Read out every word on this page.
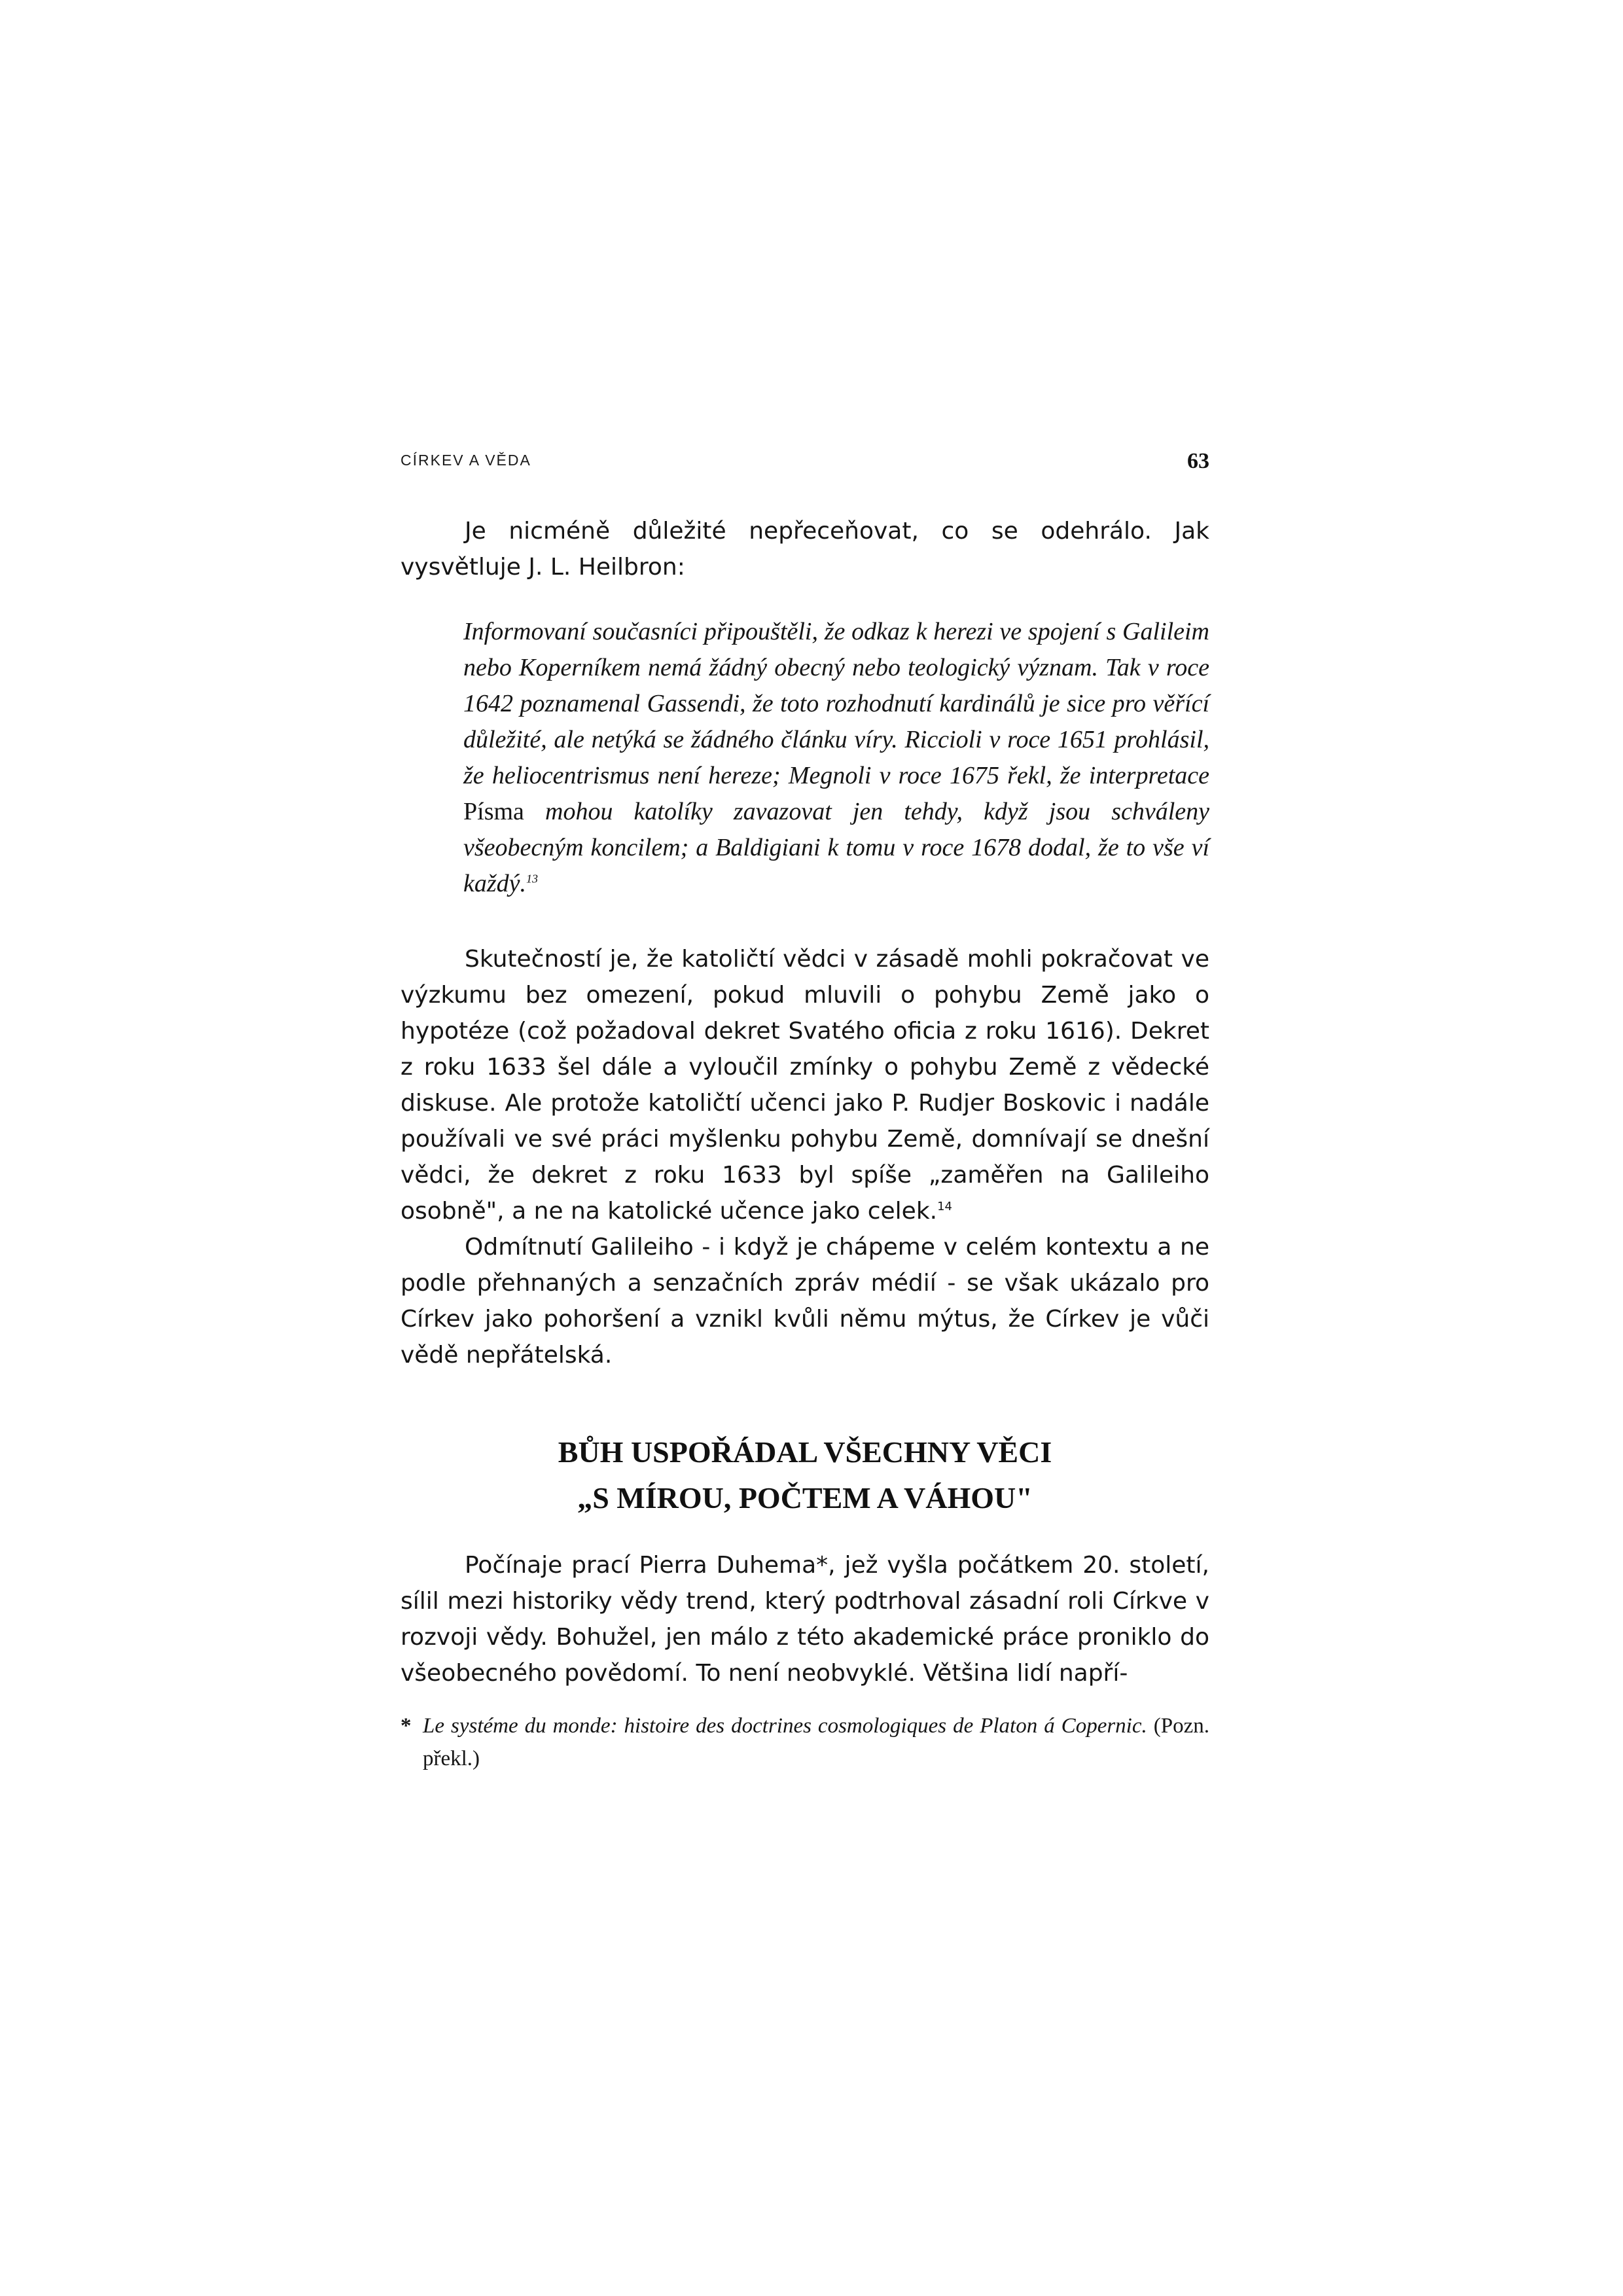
CÍRKEV A VĚDA	63

Je nicméně důležité nepřeceňovat, co se odehrálo. Jak vysvětluje J. L. Heilbron:

Informovaní současníci připouštěli, že odkaz k herezi ve spojení s Galileim nebo Koperníkem nemá žádný obecný nebo teologický význam. Tak v roce 1642 poznamenal Gassendi, že toto rozhodnutí kardinálů je sice pro věřící důležité, ale netýká se žádného článku víry. Riccioli v roce 1651 prohlásil, že heliocentrismus není hereze; Megnoli v roce 1675 řekl, že interpretace Písma mohou katolíky zavazovat jen tehdy, když jsou schváleny všeobecným koncilem; a Baldigiani k tomu v roce 1678 dodal, že to vše ví každý.$^{13}$

Skutečností je, že katoličtí vědci v zásadě mohli pokračovat ve výzkumu bez omezení, pokud mluvili o pohybu Země jako o hypotéze (což požadoval dekret Svatého oficia z roku 1616). Dekret z roku 1633 šel dále a vyloučil zmínky o pohybu Země z vědecké diskuse. Ale protože katoličtí učenci jako P. Rudjer Boskovic i nadále používali ve své práci myšlenku pohybu Země, domnívají se dnešní vědci, že dekret z roku 1633 byl spíše „zaměřen na Galileiho osobně", a ne na katolické učence jako celek.$^{14}$

Odmítnutí Galileiho - i když je chápeme v celém kontextu a ne podle přehnaných a senzačních zpráv médií - se však ukázalo pro Církev jako pohoršení a vznikl kvůli němu mýtus, že Církev je vůči vědě nepřátelská.

BŮH USPOŘÁDAL VŠECHNY VĚCI
„S MÍROU, POČTEM A VÁHOU"

Počínaje prací Pierra Duhema*, jež vyšla počátkem 20. století, sílil mezi historiky vědy trend, který podtrhoval zásadní roli Církve v rozvoji vědy. Bohužel, jen málo z této akademické práce proniklo do všeobecného povědomí. To není neobvyklé. Většina lidí napří-

* Le systéme du monde: histoire des doctrines cosmologiques de Platon á Copernic. (Pozn. překl.)
